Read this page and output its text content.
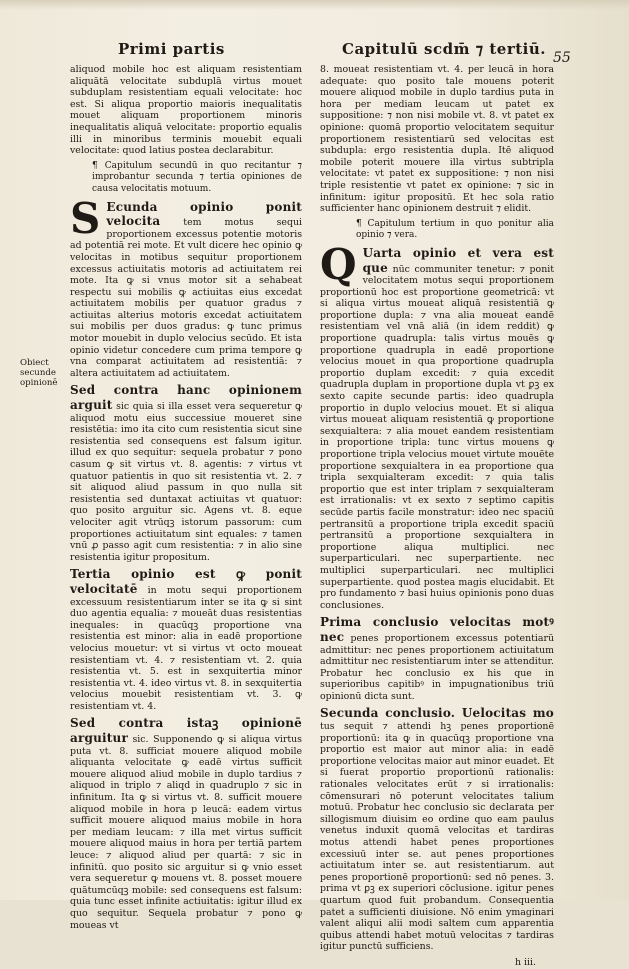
Primi partis	Capitulū scdm̄ ⁊ tertiū. 55
Obiect secunde opinionē

aliquod mobile hoc est aliquam resistentiam aliquātā velocitate subduplā virtus mouet subduplam resistentiam equali velocitate: hoc est. Si aliqua proportio maioris inequalitatis mouet aliquam proportionem minoris inequalitatis aliquā velocitate: proportio equalis illi in minoribus terminis mouebit equali velocitate: quod latius postea declarabitur.

¶ Capitulum secundū in quo recitantur ⁊ improbantur secunda ⁊ tertia opiniones de causa velocitatis motuum.

S Ecunda opinio ponit velocita tem motus sequi proportionem excessus potentie motoris ad potentiā rei mote. Et vult dicere hec opinio ꝙ velocitas in motibus sequitur proportionem excessus actiuitatis motoris ad actiuitatem rei mote. Ita ꝙ si vnus motor sit a sehabeat respectu sui mobilis ꝙ actiuitas eius excedat actiuitatem mobilis per quatuor gradus ⁊ actiuitas alterius motoris excedat actiuitatem sui mobilis per duos gradus: ꝙ tunc primus motor mouebit in duplo velocius secūdo. Et ista opinio videtur concedere cum prima tempore ꝙ vna comparat actiuitatem ad resistentiā: ⁊ altera actiuitatem ad actiuitatem.

Sed contra hanc opinionem arguit sic quia si illa esset vera sequeretur ꝙ aliquod motu eius successiue moueret sine resistētia: imo ita cito cum resistentia sicut sine resistentia sed consequens est falsum igitur. illud ex quo sequitur: sequela probatur ⁊ pono casum ꝙ sit virtus vt. 8. agentis: ⁊ virtus vt quatuor patientis in quo sit resistentia vt. 2. ⁊ sit aliquod aliud passum in quo nulla sit resistentia sed duntaxat actiuitas vt quatuor: quo posito arguitur sic. Agens vt. 8. eque velociter agit vtrūqꝫ istorum passorum: cum proportiones actiuitatum sint equales: ⁊ tamen vnū ꝓ passo agit cum resistentia: ⁊ in alio sine resistentia igitur propositum.

Tertia opinio est ꝙ ponit velocitatē in motu sequi proportionem excessuum resistentiarum inter se ita ꝙ si sint duo agentia equalia: ⁊ moueāt duas resistentias inequales: in quacūqꝫ proportione vna resistentia est minor: alia in eadē proportione velocius mouetur: vt si virtus vt octo moueat resistentiam vt. 4. ⁊ resistentiam vt. 2. quia resistentia vt. 5. est in sexquitertia minor resistentia vt. 4. ideo virtus vt. 8. in sexquitertia velocius mouebit resistentiam vt. 3. ꝙ resistentiam vt. 4.

Sed contra istaꝫ opinionē arguitur sic. Supponendo ꝙ si aliqua virtus puta vt. 8. sufficiat mouere aliquod mobile aliquanta velocitate ꝙ eadē virtus sufficit mouere aliquod aliud mobile in duplo tardius ⁊ aliquod in triplo ⁊ aliqd in quadruplo ⁊ sic in infinitum. Ita ꝙ si virtus vt. 8. sufficit mouere aliquod mobile in hora p leucā: eadem virtus sufficit mouere aliquod maius mobile in hora per mediam leucam: ⁊ illa met virtus sufficit mouere aliquod maius in hora per tertiā partem leuce: ⁊ aliquod aliud per quartā: ⁊ sic in infinitū. quo posito sic arguitur si ꝙ vnio esset vera sequeretur ꝙ mouens vt. 8. posset mouere quātumcūqꝫ mobile: sed consequens est falsum: quia tunc esset infinite actiuitatis: igitur illud ex quo sequitur. Sequela probatur ⁊ pono ꝙ moueas vt

8. moueat resistentiam vt. 4. per leucā in hora adequate: quo posito tale mouens poterit mouere aliquod mobile in duplo tardius puta in hora per mediam leucam ut patet ex suppositione: ⁊ non nisi mobile vt. 8. vt patet ex opinione: quomā proportio velocitatem sequitur proportionem resistentiarū sed velocitas est subdupla: ergo resistentia dupla. Itē aliquod mobile poterit mouere illa virtus subtripla velocitate: vt patet ex suppositione: ⁊ non nisi triple resistentie vt patet ex opinione: ⁊ sic in infinitum: igitur propositū. Et hec sola ratio sufficienter hanc opinionem destruit ⁊ elidit.

¶ Capitulum tertium in quo ponitur alia opinio ⁊ vera.

Q Uarta opinio et vera est que nūc communiter tenetur: ⁊ ponit velocitatem motus sequi proportionem proportionū hoc est proportione geometricā: vt si aliqua virtus moueat aliquā resistentiā ꝙ proportione dupla: ⁊ vna alia moueat eandē resistentiam vel vnā aliā (in idem reddit) ꝙ proportione quadrupla: talis virtus mouēs ꝙ proportione quadrupla in eadē proportione velocius mouet in qua proportione quadrupla proportio duplam excedit: ⁊ quia excedit quadrupla duplam in proportione dupla vt ꝑꝫ ex sexto capite secunde partis: ideo quadrupla proportio in duplo velocius mouet. Et si aliqua virtus moueat aliquam resistentiā ꝙ proportione sexquialtera: ⁊ alia mouet eandem resistentiam in proportione tripla: tunc virtus mouens ꝙ proportione tripla velocius mouet virtute mouēte proportione sexquialtera in ea proportione qua tripla sexquialteram excedit: ⁊ quia talis proportio que est inter triplam ⁊ sexquialteram est irrationalis: vt ex sexto ⁊ septimo capitis secūde partis facile monstratur: ideo nec spaciū pertransitū a proportione tripla excedit spaciū pertransitū a proportione sexquialtera in proportione aliqua multiplici. nec superparticulari. nec superpartiente. nec multiplici superparticulari. nec multiplici superpartiente. quod postea magis elucidabit. Et pro fundamento ⁊ basi huius opinionis pono duas conclusiones.

Prima conclusio velocitas motꝰ nec penes proportionem excessus potentiarū admittitur: nec penes proportionem actiuitatum admittitur nec resistentiarum inter se attenditur. Probatur hec conclusio ex his que in superioribus capitibꝰ in impugnationibus triū opinionū dicta sunt.

Secunda conclusio. Uelocitas mo tus sequit ⁊ attendi hꝫ penes proportionē proportionū: ita ꝙ in quacūqꝫ proportione vna proportio est maior aut minor alia: in eadē proportione velocitas maior aut minor euadet. Et si fuerat proportio proportionū rationalis: rationales velocitates erūt ⁊ si irrationalis: cōmensurari nō poterunt velocitates talium motuū. Probatur hec conclusio sic declarata per sillogismum diuisim eo ordine quo eam paulus venetus induxit quomā velocitas et tardiras motus attendi habet penes proportiones excessiuū inter se. aut penes proportiones actiuitatum inter se. aut resistentiarum. aut penes proportionē proportionū: sed nō penes. 3. prima vt ꝑꝫ ex superiori cōclusione. igitur penes quartum quod fuit probandum. Consequentia patet a sufficienti diuisione. Nō enim ymaginari valent aliqui alii modi saltem cum apparentia quibus attendi habet motuū velocitas ⁊ tardiras igitur punctū sufficiens.

h iii.
